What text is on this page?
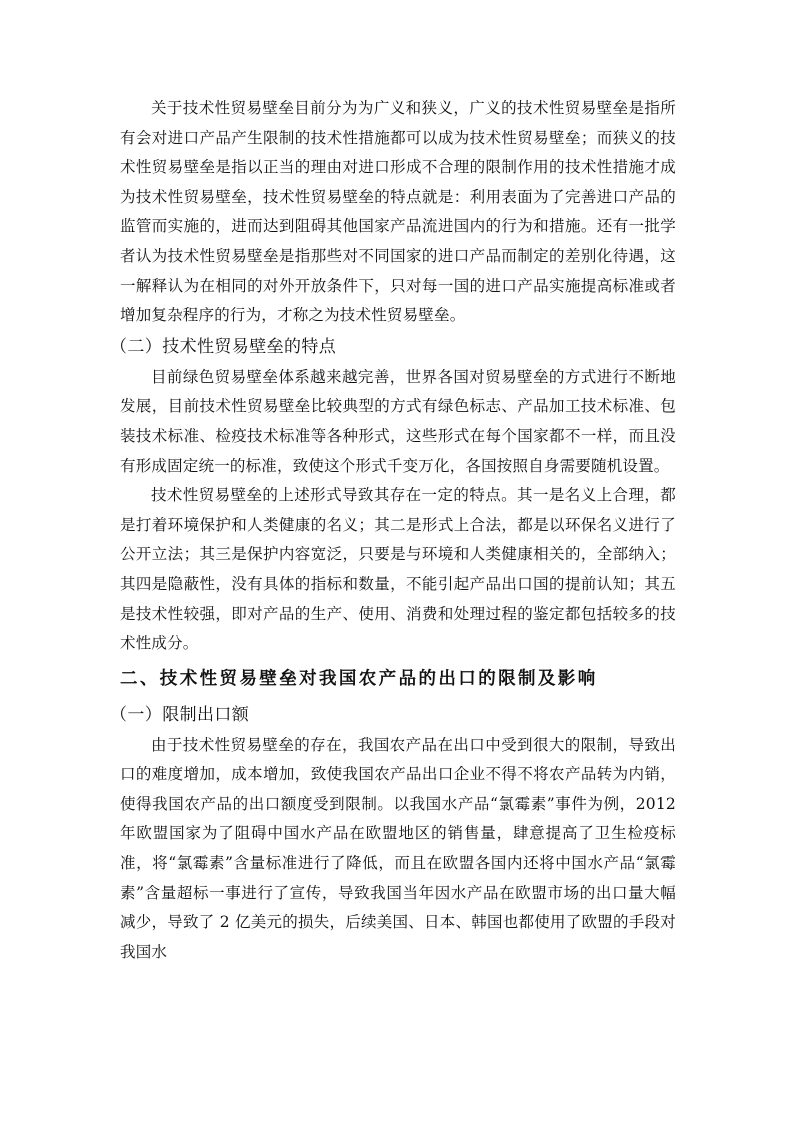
关于技术性贸易壁垒目前分为为广义和狭义，广义的技术性贸易壁垒是指所有会对进口产品产生限制的技术性措施都可以成为技术性贸易壁垒；而狭义的技术性贸易壁垒是指以正当的理由对进口形成不合理的限制作用的技术性措施才成为技术性贸易壁垒，技术性贸易壁垒的特点就是：利用表面为了完善进口产品的监管而实施的，进而达到阻碍其他国家产品流进国内的行为和措施。还有一批学者认为技术性贸易壁垒是指那些对不同国家的进口产品而制定的差别化待遇，这一解释认为在相同的对外开放条件下，只对每一国的进口产品实施提高标准或者增加复杂程序的行为，才称之为技术性贸易壁垒。

（二）技术性贸易壁垒的特点

目前绿色贸易壁垒体系越来越完善，世界各国对贸易壁垒的方式进行不断地发展，目前技术性贸易壁垒比较典型的方式有绿色标志、产品加工技术标准、包装技术标准、检疫技术标准等各种形式，这些形式在每个国家都不一样，而且没有形成固定统一的标准，致使这个形式千变万化，各国按照自身需要随机设置。

技术性贸易壁垒的上述形式导致其存在一定的特点。其一是名义上合理，都是打着环境保护和人类健康的名义；其二是形式上合法，都是以环保名义进行了公开立法；其三是保护内容宽泛，只要是与环境和人类健康相关的，全部纳入；其四是隐蔽性，没有具体的指标和数量，不能引起产品出口国的提前认知；其五是技术性较强，即对产品的生产、使用、消费和处理过程的鉴定都包括较多的技术性成分。

二、技术性贸易壁垒对我国农产品的出口的限制及影响
（一）限制出口额

由于技术性贸易壁垒的存在，我国农产品在出口中受到很大的限制，导致出口的难度增加，成本增加，致使我国农产品出口企业不得不将农产品转为内销，使得我国农产品的出口额度受到限制。以我国水产品“氯霉素”事件为例，2012年欧盟国家为了阻碍中国水产品在欧盟地区的销售量，肆意提高了卫生检疫标准，将“氯霉素”含量标准进行了降低，而且在欧盟各国内还将中国水产品“氯霉素”含量超标一事进行了宣传，导致我国当年因水产品在欧盟市场的出口量大幅减少，导致了 2 亿美元的损失，后续美国、日本、韩国也都使用了欧盟的手段对我国水
